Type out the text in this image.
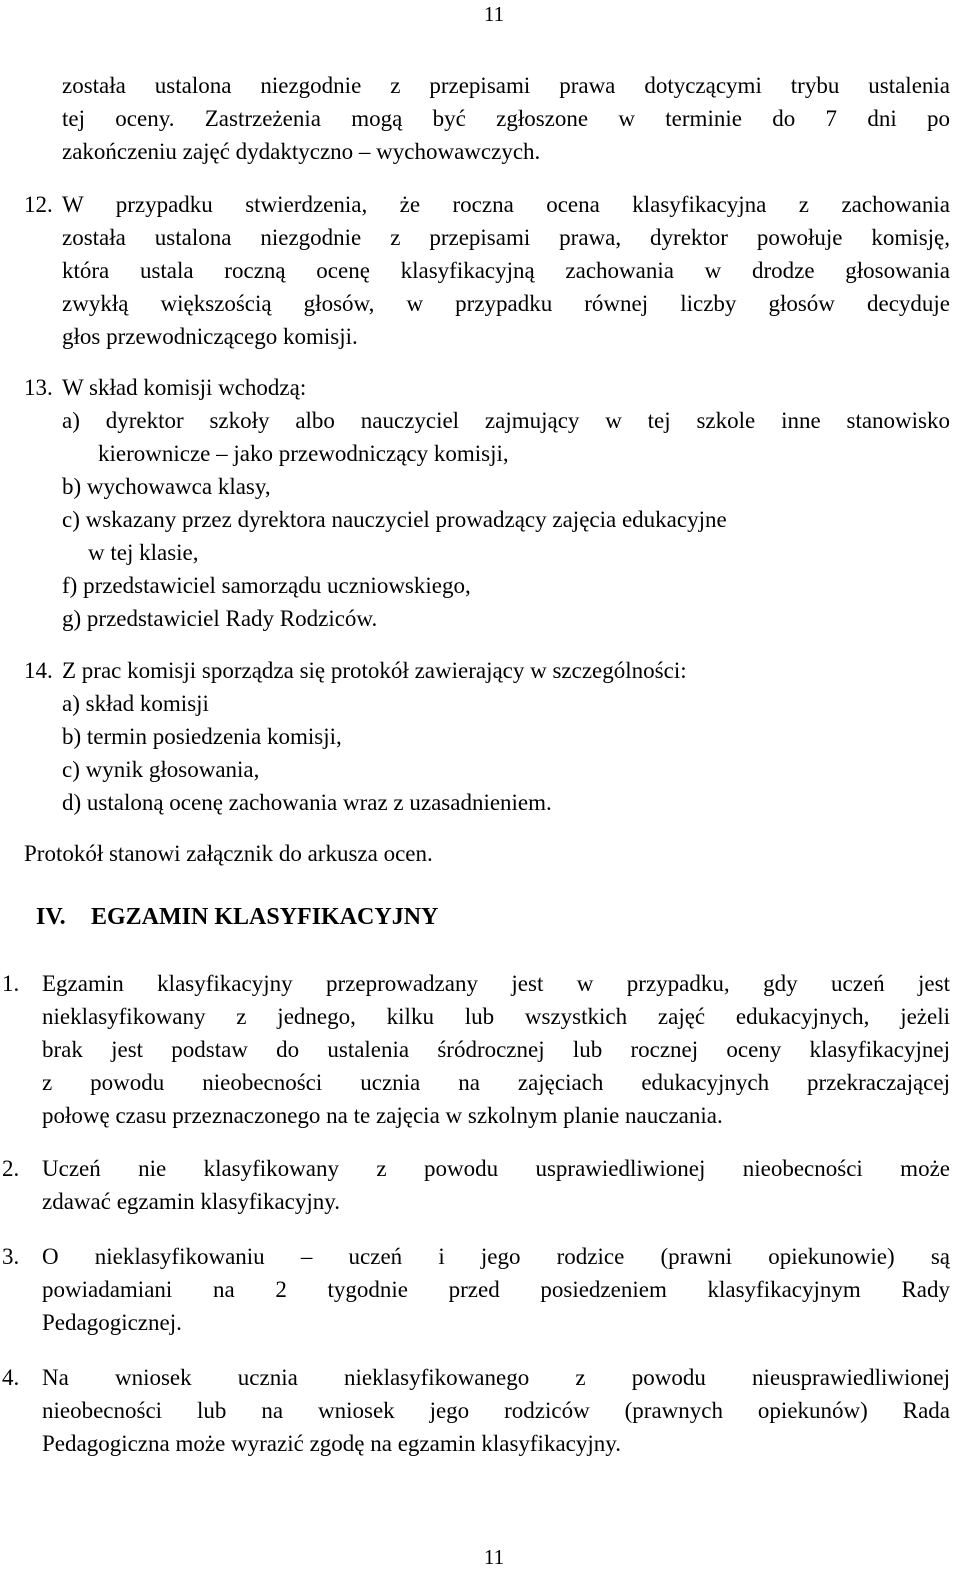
11
została ustalona niezgodnie z przepisami prawa dotyczącymi trybu ustalenia
tej oceny. Zastrzeżenia mogą być zgłoszone w terminie do 7 dni po
zakończeniu zajęć dydaktyczno – wychowawczych.
12. W przypadku stwierdzenia, że roczna ocena klasyfikacyjna z zachowania
została ustalona niezgodnie z przepisami prawa, dyrektor powołuje komisję,
która ustala roczną ocenę klasyfikacyjną zachowania w drodze głosowania
zwykłą większością głosów, w przypadku równej liczby głosów decyduje
głos przewodniczącego komisji.
13. W skład komisji wchodzą:
a) dyrektor szkoły albo nauczyciel zajmujący w tej szkole inne stanowisko
kierownicze – jako przewodniczący komisji,
b) wychowawca klasy,
c) wskazany przez dyrektora nauczyciel prowadzący zajęcia edukacyjne
w tej klasie,
f) przedstawiciel samorządu uczniowskiego,
g) przedstawiciel Rady Rodziców.
14. Z prac komisji sporządza się protokół zawierający w szczególności:
a) skład komisji
b) termin posiedzenia komisji,
c) wynik głosowania,
d) ustaloną ocenę zachowania wraz z uzasadnieniem.
Protokół stanowi załącznik do arkusza ocen.
IV. EGZAMIN KLASYFIKACYJNY
1. Egzamin klasyfikacyjny przeprowadzany jest w przypadku, gdy uczeń jest
nieklasyfikowany z jednego, kilku lub wszystkich zajęć edukacyjnych, jeżeli
brak jest podstaw do ustalenia śródrocznej lub rocznej oceny klasyfikacyjnej
z powodu nieobecności ucznia na zajęciach edukacyjnych przekraczającej
połowę czasu przeznaczonego na te zajęcia w szkolnym planie nauczania.
2. Uczeń nie klasyfikowany z powodu usprawiedliwionej nieobecności może
zdawać egzamin klasyfikacyjny.
3. O nieklasyfikowaniu – uczeń i jego rodzice (prawni opiekunowie) są
powiadamiani na 2 tygodnie przed posiedzeniem klasyfikacyjnym Rady
Pedagogicznej.
4. Na wniosek ucznia nieklasyfikowanego z powodu nieusprawiedliwionej
nieobecności lub na wniosek jego rodziców (prawnych opiekunów) Rada
Pedagogiczna może wyrazić zgodę na egzamin klasyfikacyjny.
11
